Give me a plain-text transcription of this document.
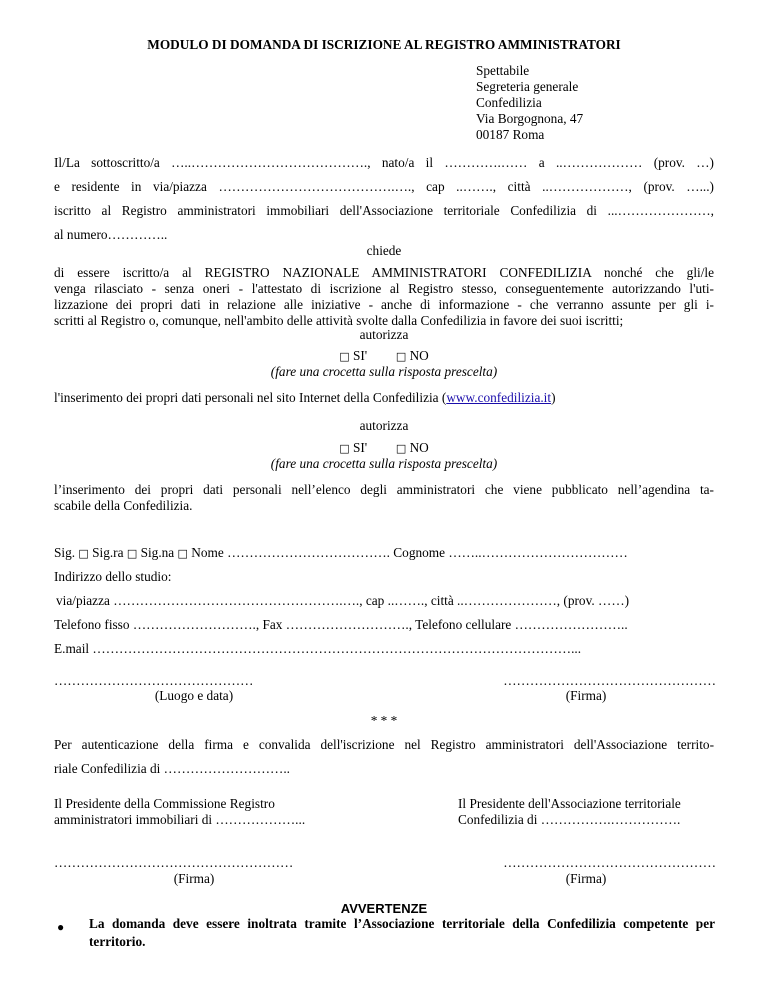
MODULO DI DOMANDA DI ISCRIZIONE AL REGISTRO AMMINISTRATORI
Spettabile
Segreteria generale
Confedilizia
Via Borgognona, 47
00187 Roma
Il/La sottoscritto/a …..…………………………………., nato/a il ………….…… a ..……………… (prov. …)
e residente in via/piazza ………………………………….…., cap ..……., città ..………………, (prov. …...)
iscritto al Registro amministratori immobiliari dell'Associazione territoriale Confedilizia di ...…………………,
al numero…………..
chiede
di essere iscritto/a al REGISTRO NAZIONALE AMMINISTRATORI CONFEDILIZIA nonché che gli/le
venga rilasciato - senza oneri - l'attestato di iscrizione al Registro stesso, conseguentemente autorizzando l'uti-
lizzazione dei propri dati in relazione alle iniziative - anche di informazione - che verranno assunte per gli i-
scritti al Registro o, comunque, nell'ambito delle attività svolte dalla Confedilizia in favore dei suoi iscritti;
autorizza
□ SI'	□ NO
(fare una crocetta sulla risposta prescelta)
l'inserimento dei propri dati personali nel sito Internet della Confedilizia (www.confedilizia.it)
autorizza
□ SI'	□ NO
(fare una crocetta sulla risposta prescelta)
l’inserimento dei propri dati personali nell’elenco degli amministratori che viene pubblicato nell’agendina ta-
scabile della Confedilizia.
Sig. □ Sig.ra □ Sig.na □ Nome ………………………………. Cognome ……..……………………………
Indirizzo dello studio:
via/piazza …………………………………………….…., cap ..……., città ..…………………, (prov. ……)
Telefono fisso ………………………., Fax ………………………., Telefono cellulare ……………………..
E.mail ………………………………………………………………………………………………...
………………………………………
(Luogo e data)
…………………………………………
(Firma)
* * *
Per autenticazione della firma e convalida dell'iscrizione nel Registro amministratori dell'Associazione territo-
riale Confedilizia di ………………………..
Il Presidente della Commissione Registro
amministratori immobiliari di ………………...
Il Presidente dell'Associazione territoriale
Confedilizia di …………….…………….
………………………………………………
(Firma)
…………………………………………
(Firma)
AVVERTENZE
● La domanda deve essere inoltrata tramite l’Associazione territoriale della Confedilizia competente per territorio.
